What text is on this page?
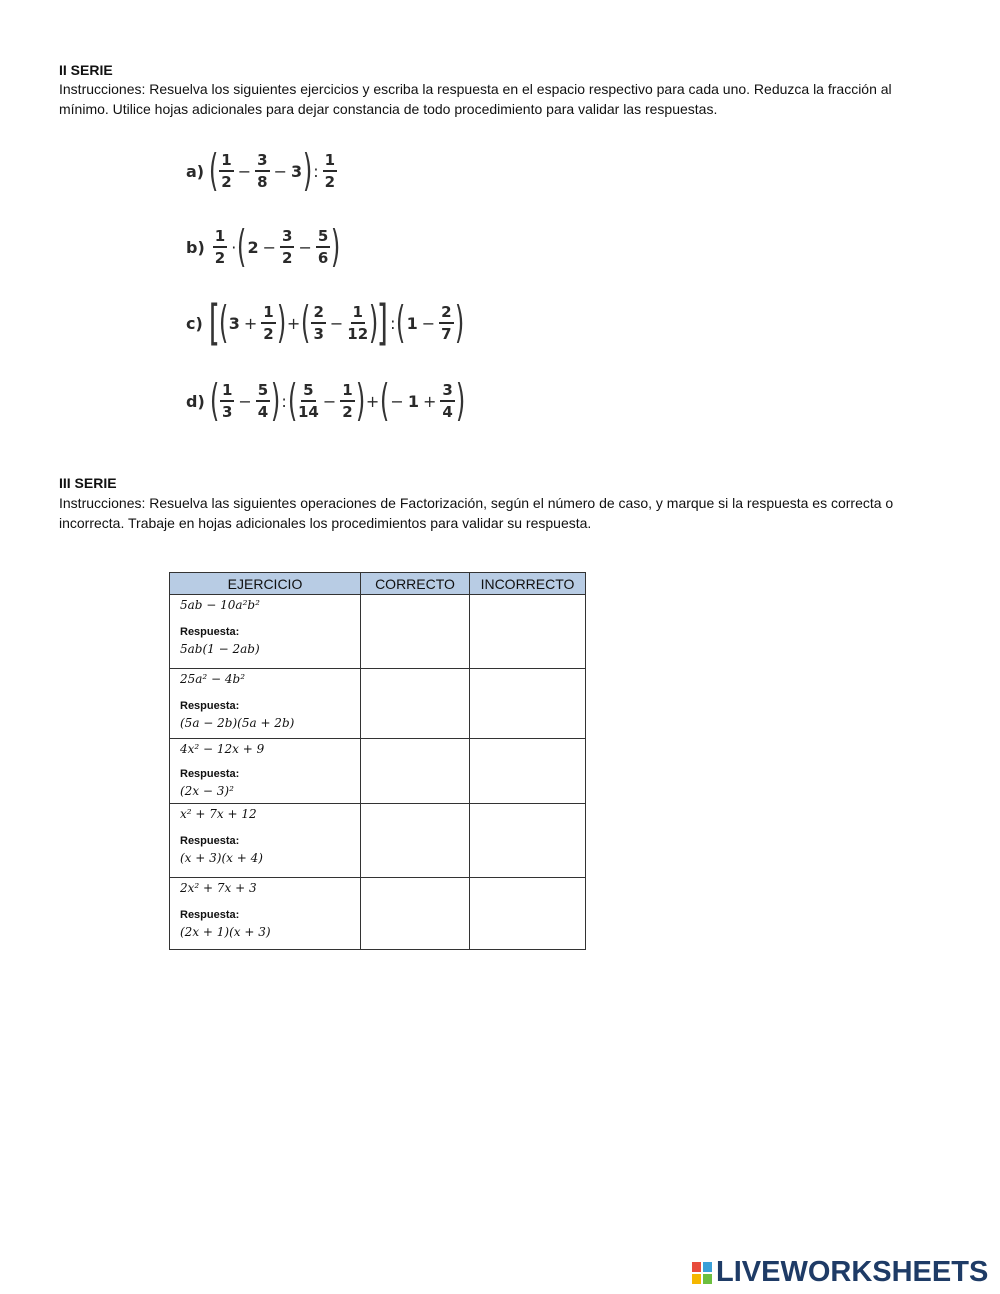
II SERIE
Instrucciones: Resuelva los siguientes ejercicios y escriba la respuesta en el espacio respectivo para cada uno. Reduzca la fracción al mínimo. Utilice hojas adicionales para dejar constancia de todo procedimiento para validar las respuestas.
a) ( $\frac{1}{2} - \frac{3}{8} - 3$ ) : $\frac{1}{2}$
$b) \frac{1}{2}$ · ( $2 - \frac{3}{2} - \frac{5}{6}$ )
c) [
( $3 + \frac{1}{2}$ ) + ( $\frac{2}{3} - \frac{1}{12}$ )
] : ( $1 - \frac{2}{7}$ )
d) ( $\frac{1}{3} - \frac{5}{4}$ ) : ( $\frac{5}{14} - \frac{1}{2}$ ) + ( − $1 + \frac{3}{4}$ )
III SERIE
Instrucciones: Resuelva las siguientes operaciones de Factorización, según el número de caso, y marque si la respuesta es correcta o incorrecta. Trabaje en hojas adicionales los procedimientos para validar su respuesta.
EJERCICIO	CORRECTO	INCORRECTO

5ab − 10a²b²
Respuesta:
5ab(1 − 2ab)		

25a² − 4b²
Respuesta:
(5a − 2b)(5a + 2b)		

4x² − 12x + 9
Respuesta:
(2x − 3)²		

x² + 7x + 12
Respuesta:
(x + 3)(x + 4)		

2x² + 7x + 3
Respuesta:
(2x + 1)(x + 3)		

LIVEWORKSHEETS
